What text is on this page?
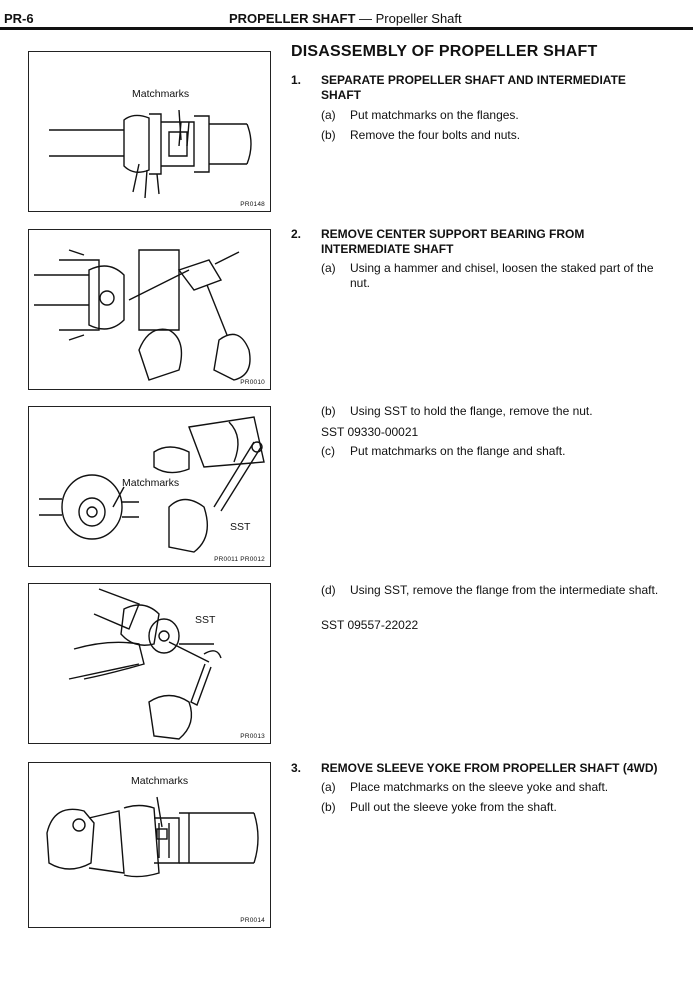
PR-6	PROPELLER SHAFT — Propeller Shaft
Matchmarks
PR0148
PR0010
Matchmarks
SST
PR0011 PR0012
SST
PR0013
Matchmarks
PR0014
DISASSEMBLY OF PROPELLER SHAFT
1. SEPARATE PROPELLER SHAFT AND INTERMEDIATE SHAFT
(a) Put matchmarks on the flanges.
(b) Remove the four bolts and nuts.
2. REMOVE CENTER SUPPORT BEARING FROM INTERMEDIATE SHAFT
(a) Using a hammer and chisel, loosen the staked part of the nut.
(b) Using SST to hold the flange, remove the nut.
SST 09330-00021
(c) Put matchmarks on the flange and shaft.
(d) Using SST, remove the flange from the intermediate shaft.
SST 09557-22022
3. REMOVE SLEEVE YOKE FROM PROPELLER SHAFT (4WD)
(a) Place matchmarks on the sleeve yoke and shaft.
(b) Pull out the sleeve yoke from the shaft.
